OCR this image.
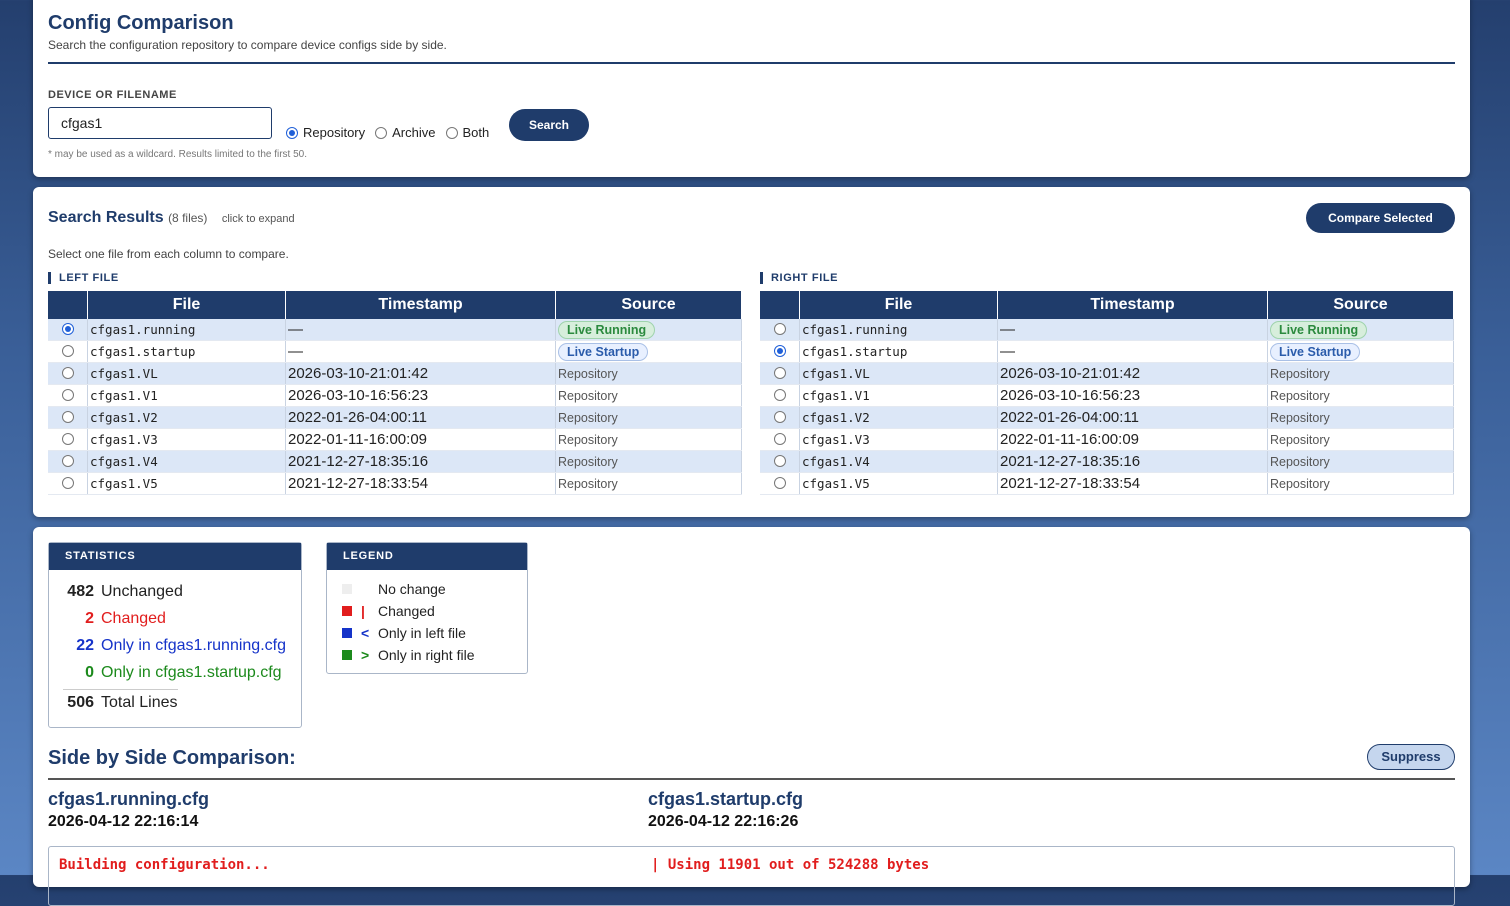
Config Comparison
Search the configuration repository to compare device configs side by side.
DEVICE OR FILENAME
cfgas1
Repository Archive Both	Search
* may be used as a wildcard. Results limited to the first 50.
Search Results (8 files) click to expand	Compare Selected
Select one file from each column to compare.
LEFT FILE	RIGHT FILE
	File	Timestamp	Source
	cfgas1.running	—	Live Running
	cfgas1.startup	—	Live Startup
	cfgas1.VL	2026-03-10-21:01:42	Repository
	cfgas1.V1	2026-03-10-16:56:23	Repository
	cfgas1.V2	2022-01-26-04:00:11	Repository
	cfgas1.V3	2022-01-11-16:00:09	Repository
	cfgas1.V4	2021-12-27-18:35:16	Repository
	cfgas1.V5	2021-12-27-18:33:54	Repository
	File	Timestamp	Source
	cfgas1.running	—	Live Running
	cfgas1.startup	—	Live Startup
	cfgas1.VL	2026-03-10-21:01:42	Repository
	cfgas1.V1	2026-03-10-16:56:23	Repository
	cfgas1.V2	2022-01-26-04:00:11	Repository
	cfgas1.V3	2022-01-11-16:00:09	Repository
	cfgas1.V4	2021-12-27-18:35:16	Repository
	cfgas1.V5	2021-12-27-18:33:54	Repository
STATISTICS
482 Unchanged
2 Changed
22 Only in cfgas1.running.cfg
0 Only in cfgas1.startup.cfg
506 Total Lines
LEGEND
No change
| Changed
< Only in left file
> Only in right file
Side by Side Comparison:	Suppress
cfgas1.running.cfg
2026-04-12 22:16:14
cfgas1.startup.cfg
2026-04-12 22:16:26
Building configuration...	| Using 11901 out of 524288 bytes
